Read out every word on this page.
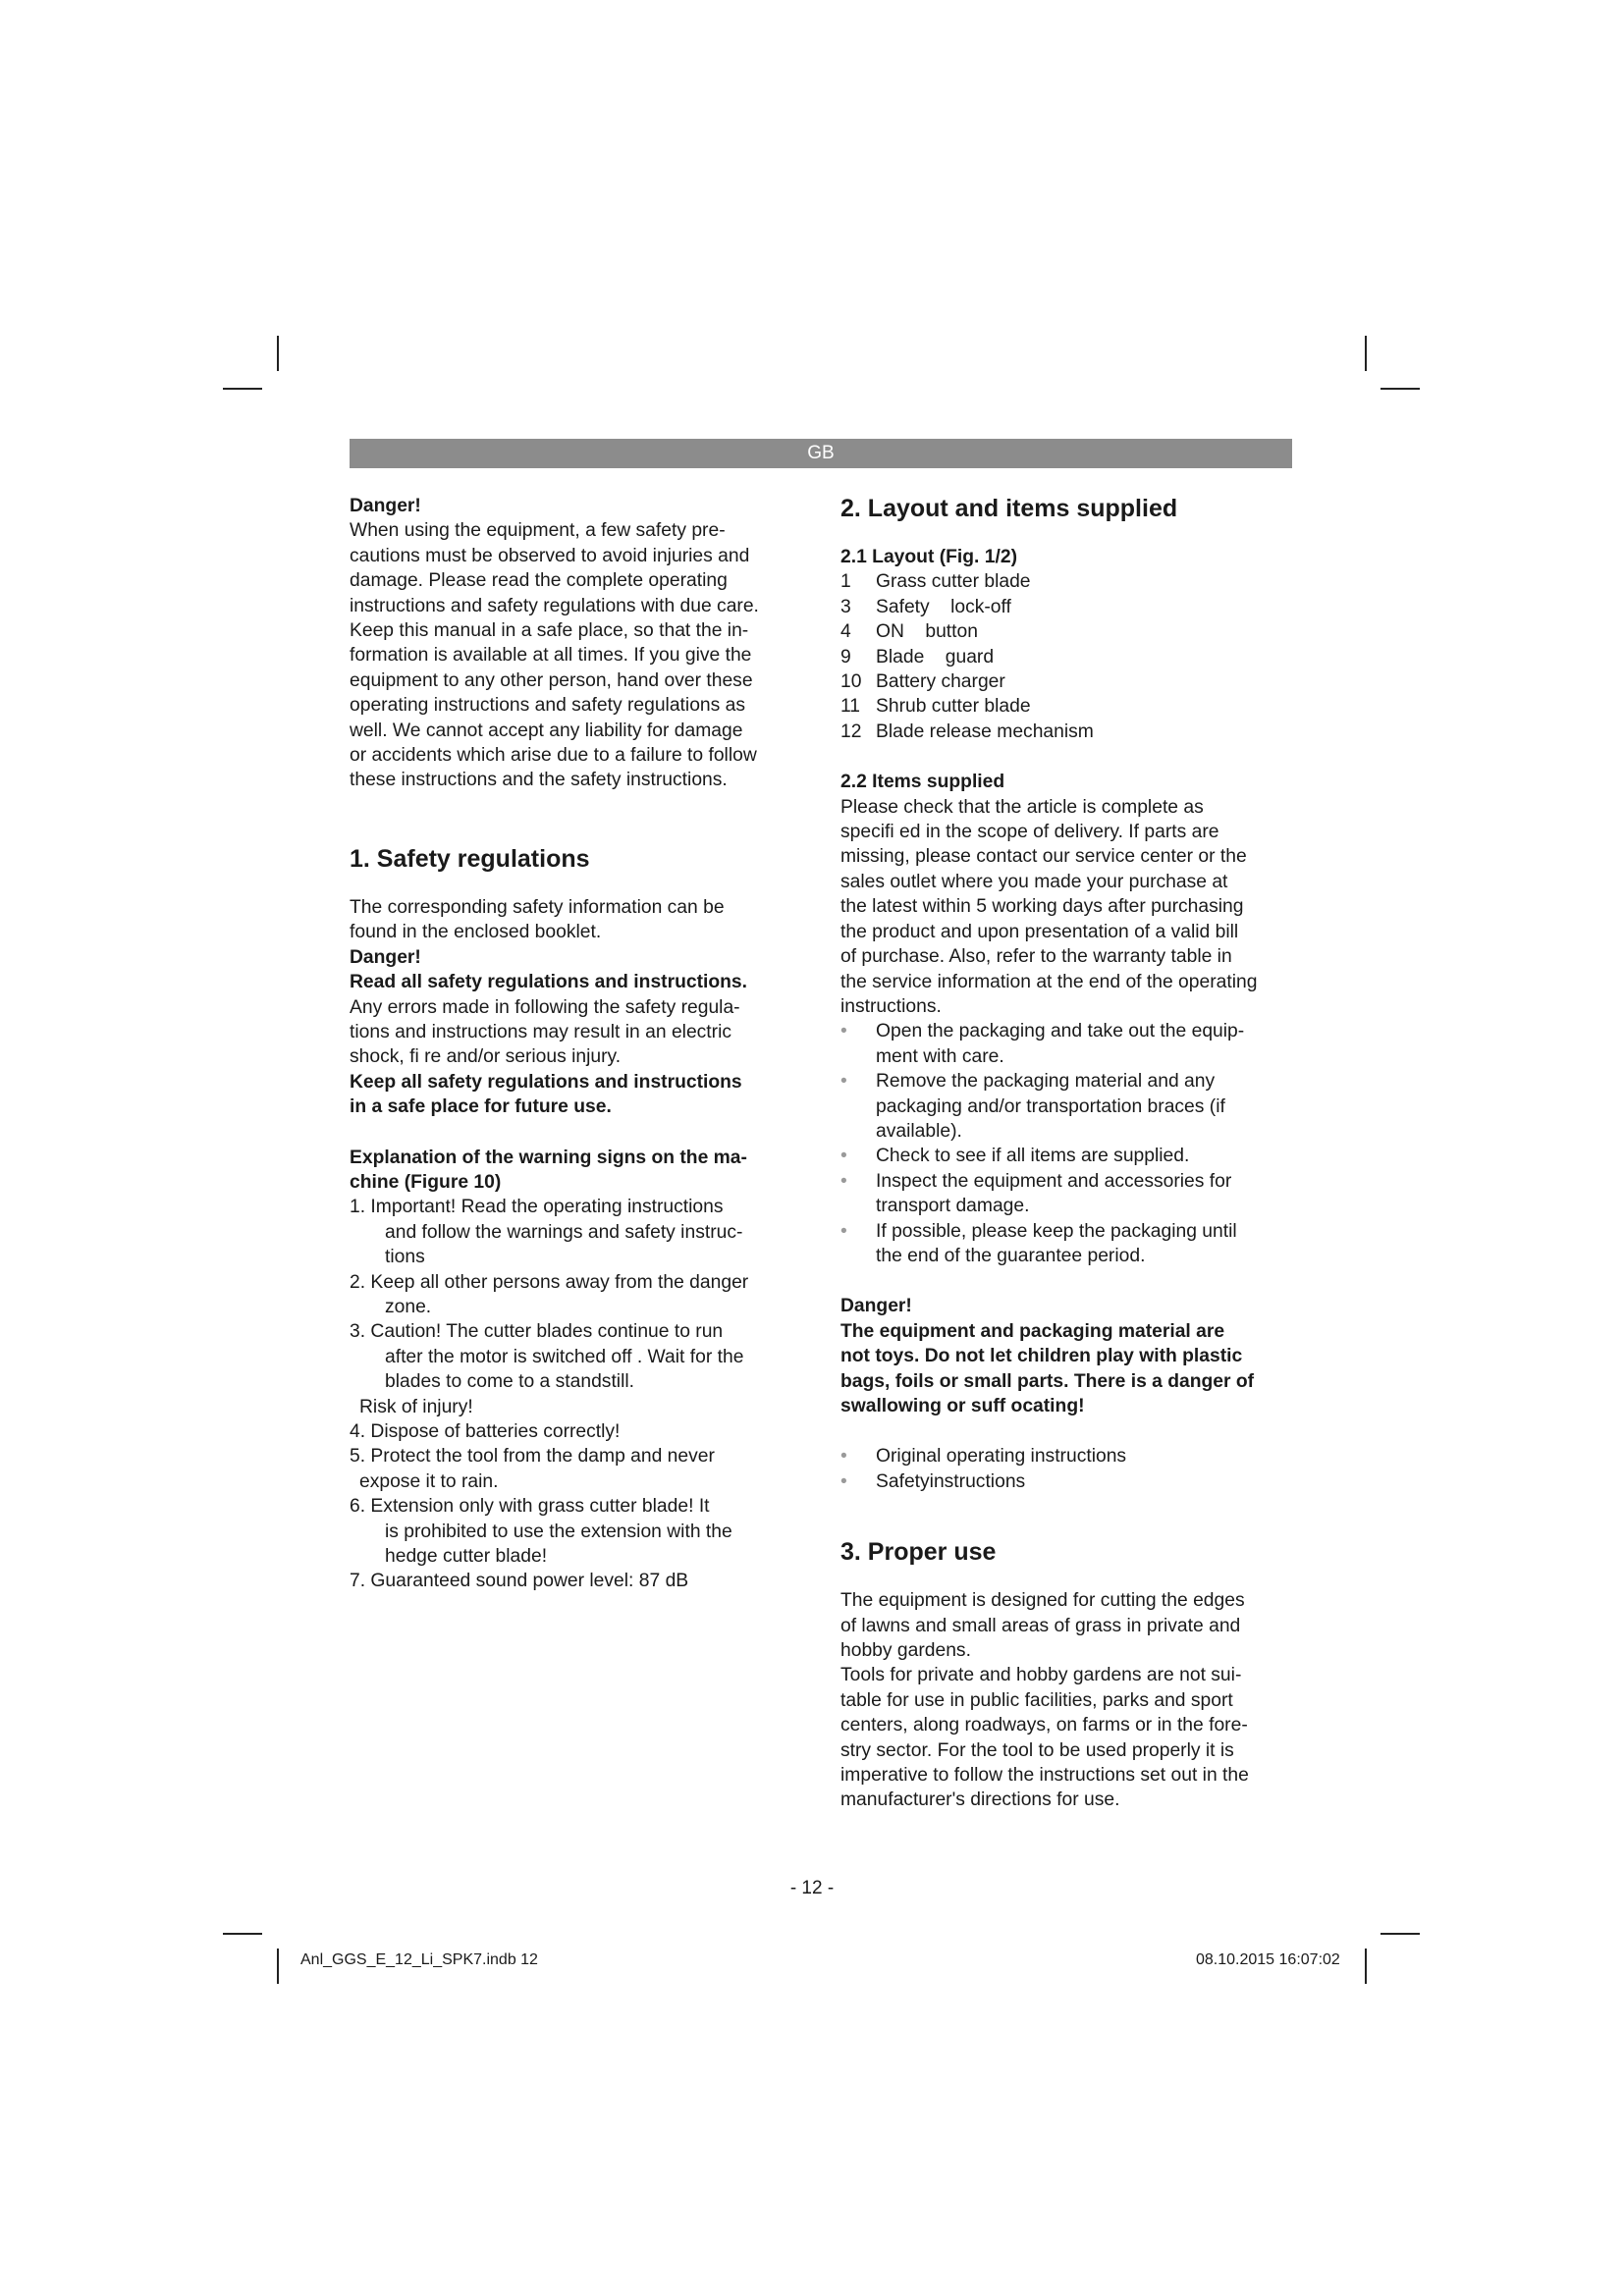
GB

Danger!

When using the equipment, a few safety pre-
cautions must be observed to avoid injuries and
damage. Please read the complete operating
instructions and safety regulations with due care.
Keep this manual in a safe place, so that the in-
formation is available at all times. If you give the
equipment to any other person, hand over these
operating instructions and safety regulations as
well. We cannot accept any liability for damage
or accidents which arise due to a failure to follow
these instructions and the safety instructions.

1. Safety regulations

The corresponding safety information can be
found in the enclosed booklet.

Danger!

Read all safety regulations and instructions.

Any errors made in following the safety regula-
tions and instructions may result in an electric
shock, fi re and/or serious injury.
Keep all safety regulations and instructions
in a safe place for future use.
Explanation of the warning signs on the ma-
chine (Figure 10)
1. Important! Read the operating instructions
and follow the warnings and safety instruc-
tions
2. Keep all other persons away from the danger
zone.
3. Caution! The cutter blades continue to run
after the motor is switched off . Wait for the
blades to come to a standstill.
Risk of injury!
4. Dispose of batteries correctly!
5. Protect the tool from the damp and never
expose it to rain.
6. Extension only with grass cutter blade! It
is prohibited to use the extension with the
hedge cutter blade!
7. Guaranteed sound power level: 87 dB

2. Layout and items supplied

2.1 Layout (Fig. 1/2)

1 Grass cutter blade
3 Safety    lock-off
4 ON    button
9 Blade    guard
10 Battery charger
11 Shrub cutter blade
12 Blade release mechanism

2.2 Items supplied

Please check that the article is complete as
specifi ed in the scope of delivery. If parts are
missing, please contact our service center or the
sales outlet where you made your purchase at
the latest within 5 working days after purchasing
the product and upon presentation of a valid bill
of purchase. Also, refer to the warranty table in
the service information at the end of the operating
instructions.
• Open the packaging and take out the equip-
ment with care.
• Remove the packaging material and any
packaging and/or transportation braces (if
available).
• Check to see if all items are supplied.
• Inspect the equipment and accessories for
transport damage.
• If possible, please keep the packaging until
the end of the guarantee period.

Danger!

The equipment and packaging material are
not toys. Do not let children play with plastic
bags, foils or small parts. There is a danger of
swallowing or suff ocating!
• Original operating instructions
• Safetyinstructions

3. Proper use

The equipment is designed for cutting the edges
of lawns and small areas of grass in private and
hobby gardens.
Tools for private and hobby gardens are not sui-
table for use in public facilities, parks and sport
centers, along roadways, on farms or in the fore-
stry sector. For the tool to be used properly it is
imperative to follow the instructions set out in the
manufacturer's directions for use.
- 12 -
Anl_GGS_E_12_Li_SPK7.indb 12	08.10.2015 16:07:02
